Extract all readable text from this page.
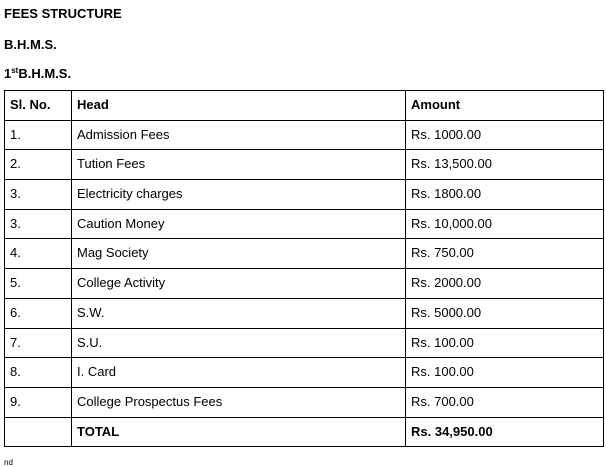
FEES STRUCTURE
B.H.M.S.
1stB.H.M.S.
Sl. No.	Head	Amount
1.	Admission Fees	Rs. 1000.00
2.	Tution Fees	Rs. 13,500.00
3.	Electricity charges	Rs. 1800.00
3.	Caution Money	Rs. 10,000.00
4.	Mag Society	Rs. 750.00
5.	College Activity	Rs. 2000.00
6.	S.W.	Rs. 5000.00
7.	S.U.	Rs. 100.00
8.	I. Card	Rs. 100.00
9.	College Prospectus Fees	Rs. 700.00
	TOTAL	Rs. 34,950.00
nd
